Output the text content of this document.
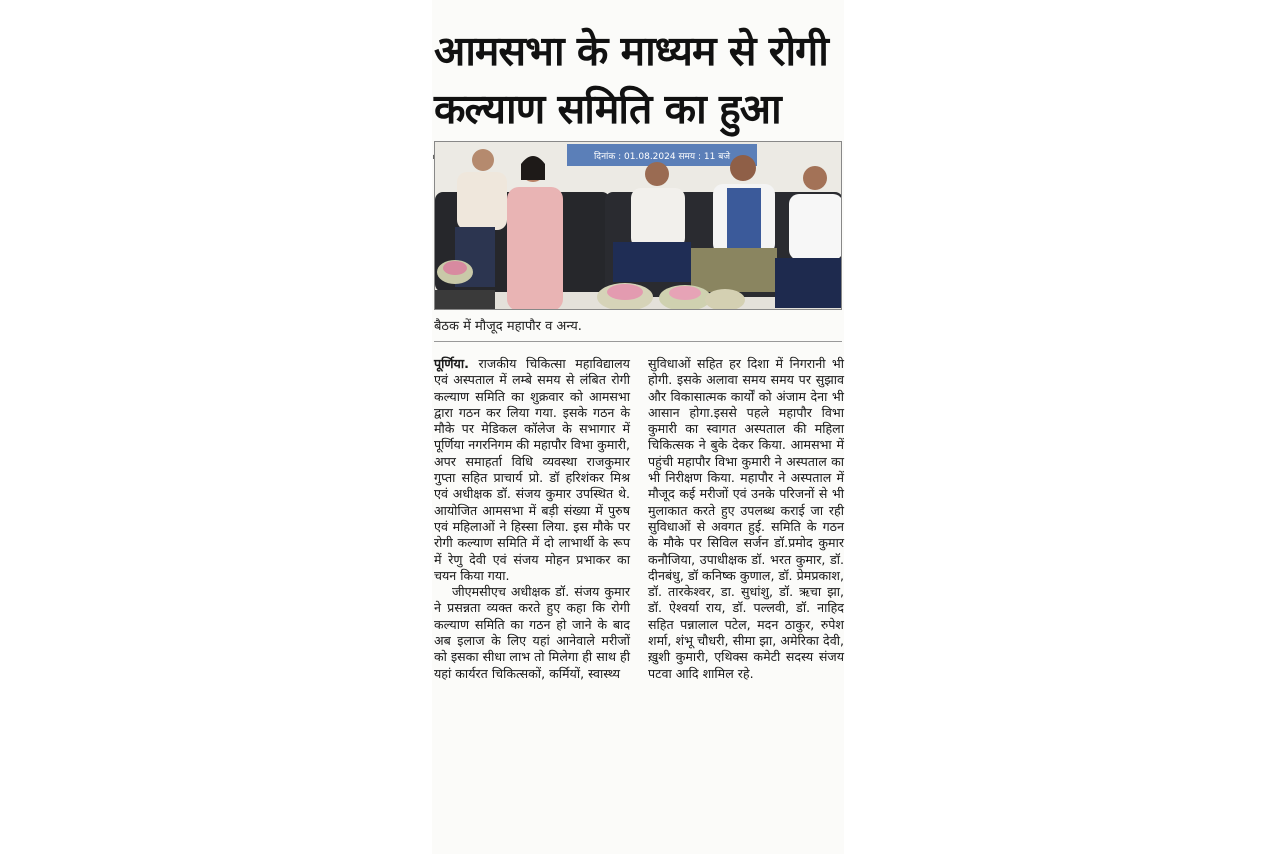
आमसभा के माध्यम से रोगी कल्याण समिति का हुआ
दिनांक : 01.08.2024 समय : 11 बजे
बैठक में मौजूद महापौर व अन्य.

पूर्णिया. राजकीय चिकित्सा महाविद्यालय एवं अस्पताल में लम्बे समय से लंबित रोगी कल्याण समिति का शुक्रवार को आमसभा द्वारा गठन कर लिया गया. इसके गठन के मौके पर मेडिकल कॉलेज के सभागार में पूर्णिया नगरनिगम की महापौर विभा कुमारी, अपर समाहर्ता विधि व्यवस्था राजकुमार गुप्ता सहित प्राचार्य प्रो. डॉ हरिशंकर मिश्र एवं अधीक्षक डॉ. संजय कुमार उपस्थित थे. आयोजित आमसभा में बड़ी संख्या में पुरुष एवं महिलाओं ने हिस्सा लिया. इस मौके पर रोगी कल्याण समिति में दो लाभार्थी के रूप में रेणु देवी एवं संजय मोहन प्रभाकर का चयन किया गया.

जीएमसीएच अधीक्षक डॉ. संजय कुमार ने प्रसन्नता व्यक्त करते हुए कहा कि रोगी कल्याण समिति का गठन हो जाने के बाद अब इलाज के लिए यहां आनेवाले मरीजों को इसका सीधा लाभ तो मिलेगा ही साथ ही यहां कार्यरत चिकित्सकों, कर्मियों, स्वास्थ्य

सुविधाओं सहित हर दिशा में निगरानी भी होगी. इसके अलावा समय समय पर सुझाव और विकासात्मक कार्यों को अंजाम देना भी आसान होगा.इससे पहले महापौर विभा कुमारी का स्वागत अस्पताल की महिला चिकित्सक ने बुके देकर किया. आमसभा में पहुंची महापौर विभा कुमारी ने अस्पताल का भी निरीक्षण किया. महापौर ने अस्पताल में मौजूद कई मरीजों एवं उनके परिजनों से भी मुलाकात करते हुए उपलब्ध कराई जा रही सुविधाओं से अवगत हुई. समिति के गठन के मौके पर सिविल सर्जन डॉ.प्रमोद कुमार कनौजिया, उपाधीक्षक डॉ. भरत कुमार, डॉ. दीनबंधु, डॉ कनिष्क कुणाल, डॉ. प्रेमप्रकाश, डॉ. तारकेश्वर, डा. सुधांशु, डॉ. ऋचा झा, डॉ. ऐश्वर्या राय, डॉ. पल्लवी, डॉ. नाहिद सहित पन्नालाल पटेल, मदन ठाकुर, रुपेश शर्मा, शंभू चौधरी, सीमा झा, अमेरिका देवी, ख़ुशी कुमारी, एथिक्स कमेटी सदस्य संजय पटवा आदि शामिल रहे.
